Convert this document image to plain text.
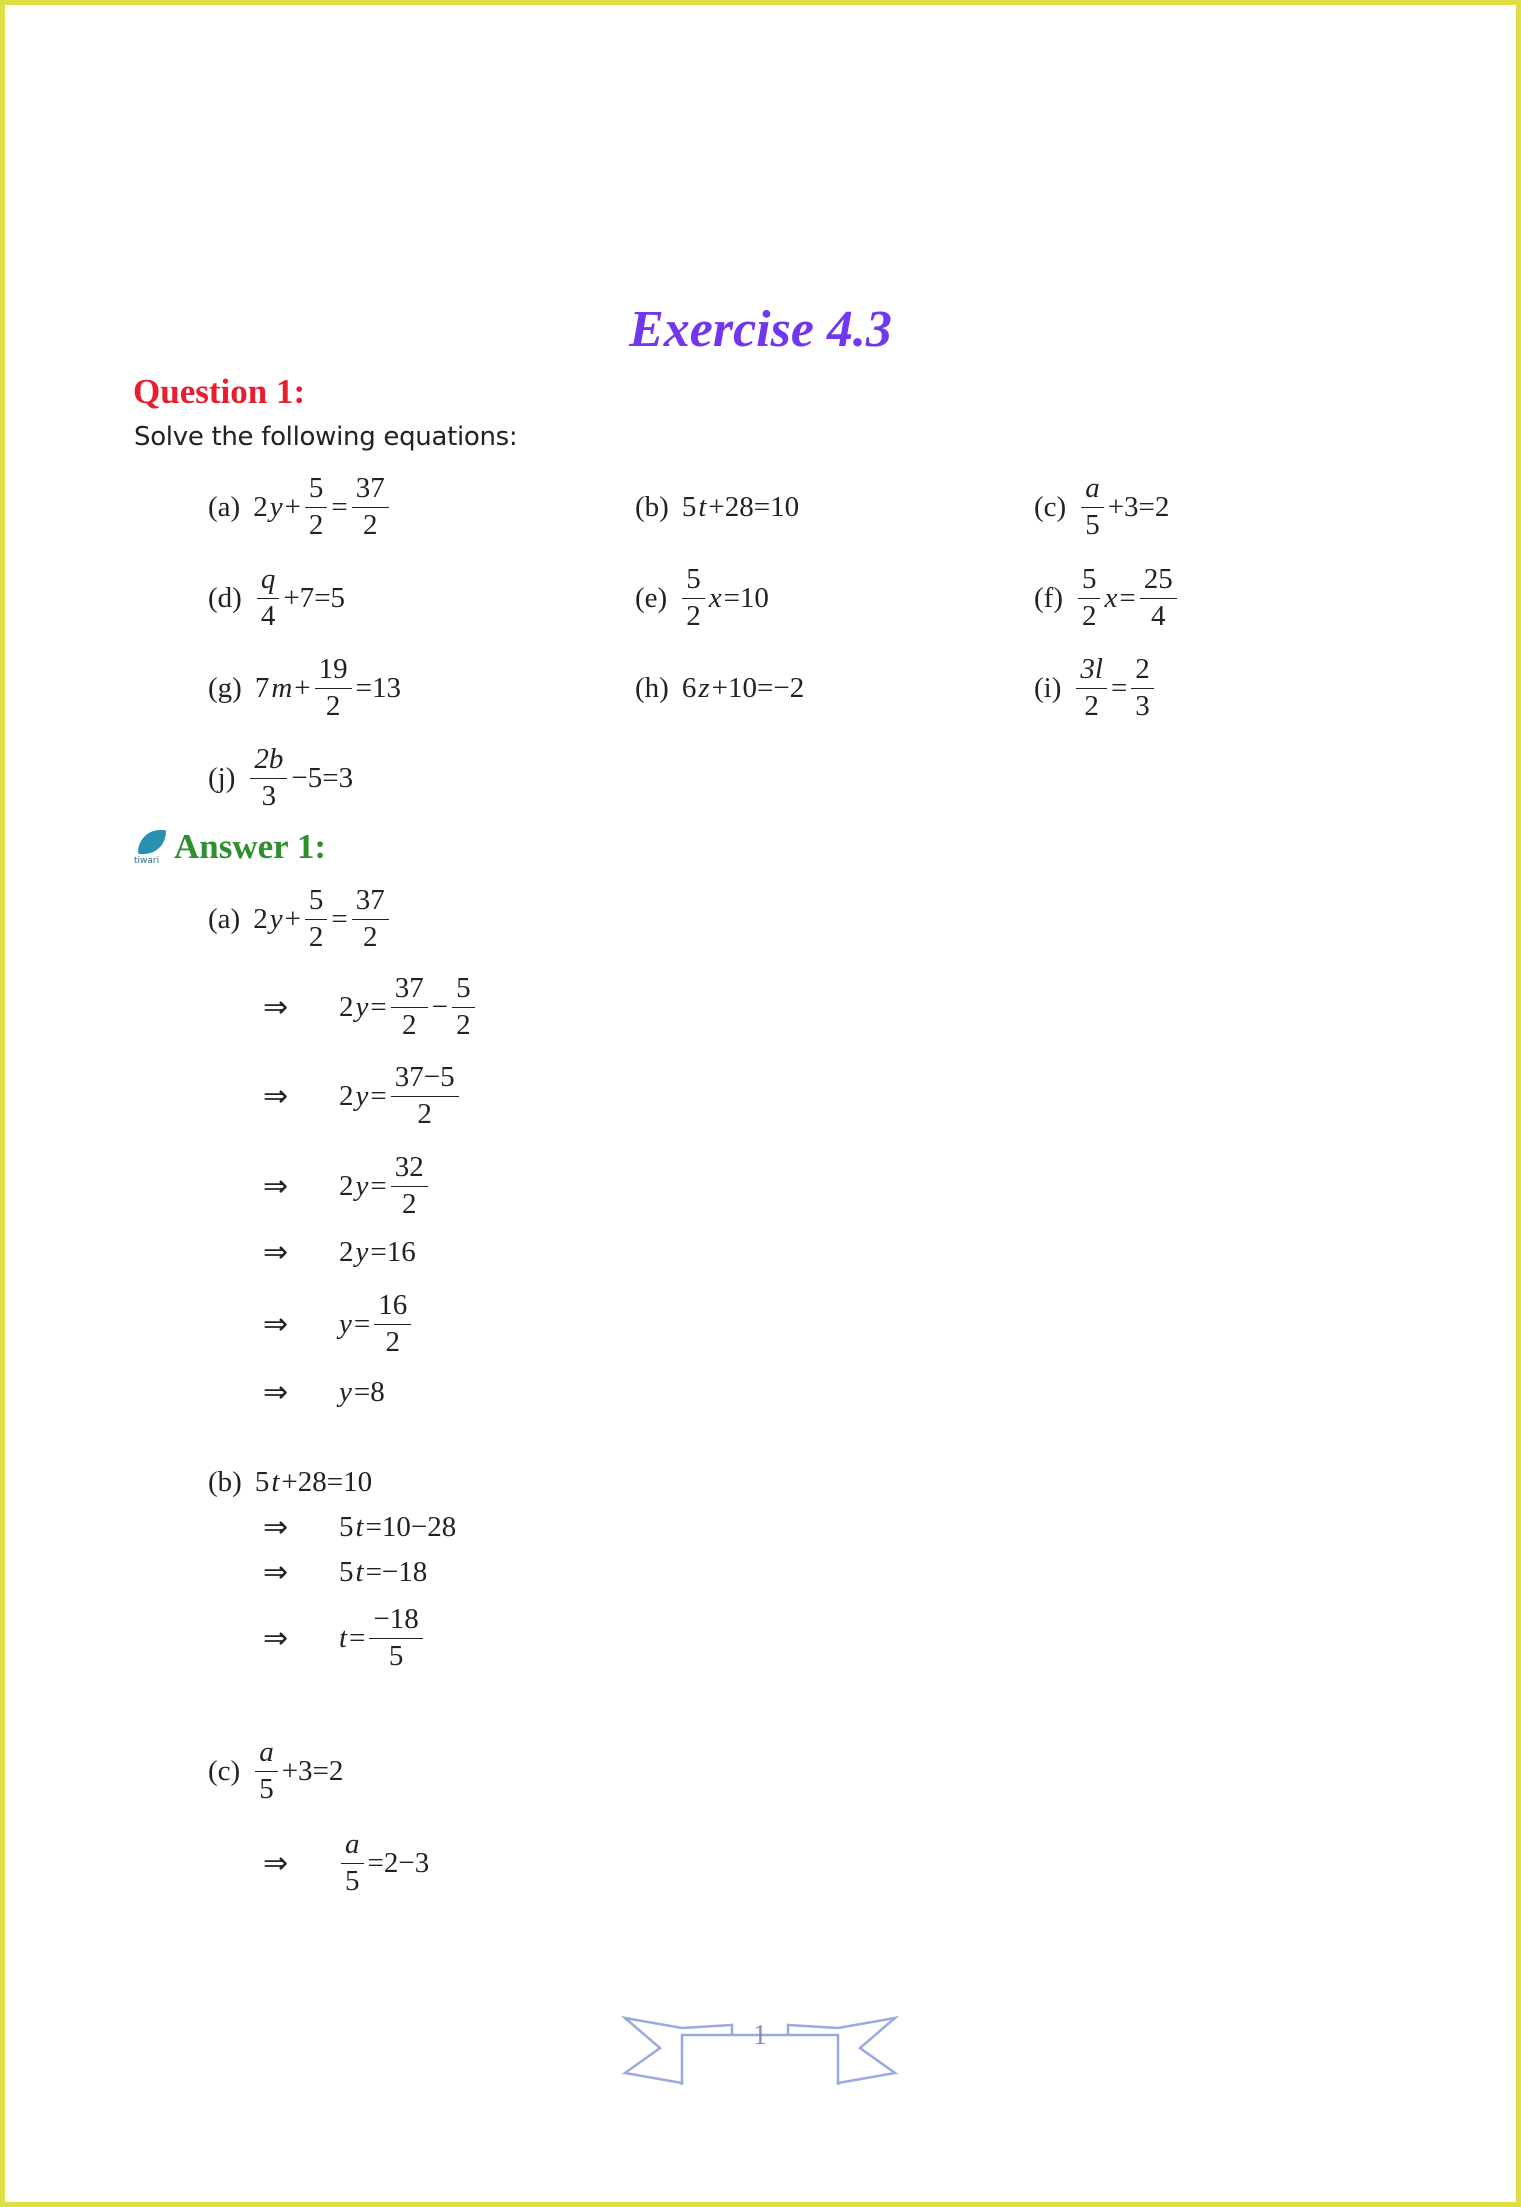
Exercise 4.3
Question 1:
Solve the following equations:
(a) 2 $y + \frac{5}{2} = \frac{37}{2}$	(b) 5 t +28=10	$(c) \frac{a}{5} +3=2$
$(d) \frac{q}{4} +7=5$	$(e) \frac{5}{2}$ x =10	$(f) \frac{5}{2}$ $x = \frac{25}{4}$
(g) 7 $m + \frac{19}{2} =13$	(h) 6 z +10=−2	$(i) \frac{3l}{2} = \frac{2}{3}$
$(j) \frac{2b}{3} -5=3$
tiwari Answer 1:
(a) 2 $y + \frac{5}{2} = \frac{37}{2}$
⇒ 2 $y = \frac{37}{2} - \frac{5}{2}$
⇒ 2 $y = \frac{37-5}{2}$
⇒ 2 $y = \frac{32}{2}$
⇒ 2 y =16
⇒ $y = \frac{16}{2}$
⇒ y =8
(b) 5 t +28=10
⇒ 5 t =10−28
⇒ 5 t =−18
⇒ $t = \frac{-18}{5}$
$(c) \frac{a}{5} +3=2$
⇒ $\frac{a}{5} =2-3$
1
